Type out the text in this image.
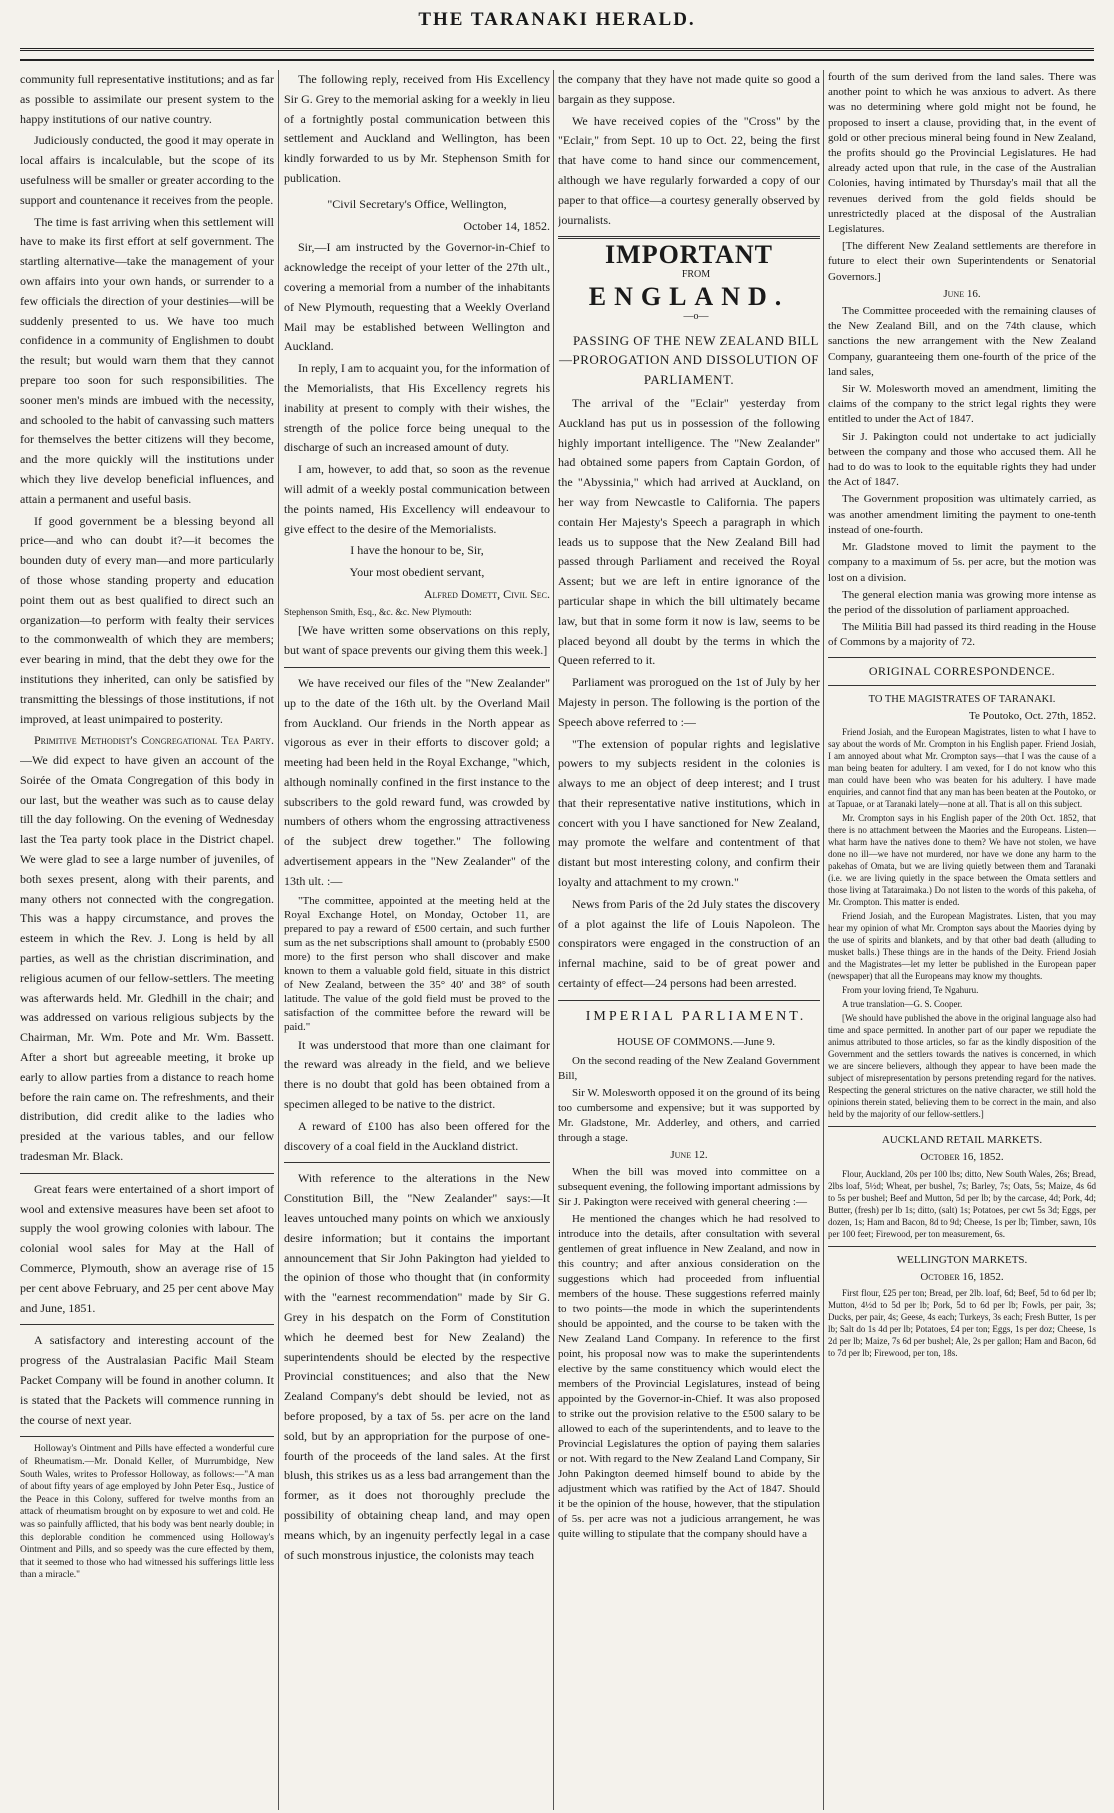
THE TARANAKI HERALD.

community full representative institutions; and as far as possible to assimilate our present system to the happy institutions of our native country.

Judiciously conducted, the good it may operate in local affairs is incalculable, but the scope of its usefulness will be smaller or greater according to the support and countenance it receives from the people.

The time is fast arriving when this settlement will have to make its first effort at self government. The startling alternative—take the management of your own affairs into your own hands, or surrender to a few officials the direction of your destinies—will be suddenly presented to us. We have too much confidence in a community of Englishmen to doubt the result; but would warn them that they cannot prepare too soon for such responsibilities. The sooner men's minds are imbued with the necessity, and schooled to the habit of canvassing such matters for themselves the better citizens will they become, and the more quickly will the institutions under which they live develop beneficial influences, and attain a permanent and useful basis.

If good government be a blessing beyond all price—and who can doubt it?—it becomes the bounden duty of every man—and more particularly of those whose standing property and education point them out as best qualified to direct such an organization—to perform with fealty their services to the commonwealth of which they are members; ever bearing in mind, that the debt they owe for the institutions they inherited, can only be satisfied by transmitting the blessings of those institutions, if not improved, at least unimpaired to posterity.

Primitive Methodist's Congregational Tea Party.—We did expect to have given an account of the Soirée of the Omata Congregation of this body in our last, but the weather was such as to cause delay till the day following. On the evening of Wednesday last the Tea party took place in the District chapel. We were glad to see a large number of juveniles, of both sexes present, along with their parents, and many others not connected with the congregation. This was a happy circumstance, and proves the esteem in which the Rev. J. Long is held by all parties, as well as the christian discrimination, and religious acumen of our fellow-settlers. The meeting was afterwards held. Mr. Gledhill in the chair; and was addressed on various religious subjects by the Chairman, Mr. Wm. Pote and Mr. Wm. Bassett. After a short but agreeable meeting, it broke up early to allow parties from a distance to reach home before the rain came on. The refreshments, and their distribution, did credit alike to the ladies who presided at the various tables, and our fellow tradesman Mr. Black.

Great fears were entertained of a short import of wool and extensive measures have been set afoot to supply the wool growing colonies with labour. The colonial wool sales for May at the Hall of Commerce, Plymouth, show an average rise of 15 per cent above February, and 25 per cent above May and June, 1851.

A satisfactory and interesting account of the progress of the Australasian Pacific Mail Steam Packet Company will be found in another column. It is stated that the Packets will commence running in the course of next year.

Holloway's Ointment and Pills have effected a wonderful cure of Rheumatism.—Mr. Donald Keller, of Murrumbidge, New South Wales, writes to Professor Holloway, as follows:—"A man of about fifty years of age employed by John Peter Esq., Justice of the Peace in this Colony, suffered for twelve months from an attack of rheumatism brought on by exposure to wet and cold. He was so painfully afflicted, that his body was bent nearly double; in this deplorable condition he commenced using Holloway's Ointment and Pills, and so speedy was the cure effected by them, that it seemed to those who had witnessed his sufferings little less than a miracle."

The following reply, received from His Excellency Sir G. Grey to the memorial asking for a weekly in lieu of a fortnightly postal communication between this settlement and Auckland and Wellington, has been kindly forwarded to us by Mr. Stephenson Smith for publication.

"Civil Secretary's Office, Wellington,

October 14, 1852.

Sir,—I am instructed by the Governor-in-Chief to acknowledge the receipt of your letter of the 27th ult., covering a memorial from a number of the inhabitants of New Plymouth, requesting that a Weekly Overland Mail may be established between Wellington and Auckland.

In reply, I am to acquaint you, for the information of the Memorialists, that His Excellency regrets his inability at present to comply with their wishes, the strength of the police force being unequal to the discharge of such an increased amount of duty.

I am, however, to add that, so soon as the revenue will admit of a weekly postal communication between the points named, His Excellency will endeavour to give effect to the desire of the Memorialists.

I have the honour to be, Sir,

Your most obedient servant,

Alfred Domett, Civil Sec.

Stephenson Smith, Esq., &c. &c. New Plymouth:

[We have written some observations on this reply, but want of space prevents our giving them this week.]

We have received our files of the "New Zealander" up to the date of the 16th ult. by the Overland Mail from Auckland. Our friends in the North appear as vigorous as ever in their efforts to discover gold; a meeting had been held in the Royal Exchange, "which, although nominally confined in the first instance to the subscribers to the gold reward fund, was crowded by numbers of others whom the engrossing attractiveness of the subject drew together." The following advertisement appears in the "New Zealander" of the 13th ult. :—

"The committee, appointed at the meeting held at the Royal Exchange Hotel, on Monday, October 11, are prepared to pay a reward of £500 certain, and such further sum as the net subscriptions shall amount to (probably £500 more) to the first person who shall discover and make known to them a valuable gold field, situate in this district of New Zealand, between the 35° 40' and 38° of south latitude. The value of the gold field must be proved to the satisfaction of the committee before the reward will be paid."

It was understood that more than one claimant for the reward was already in the field, and we believe there is no doubt that gold has been obtained from a specimen alleged to be native to the district.

A reward of £100 has also been offered for the discovery of a coal field in the Auckland district.

With reference to the alterations in the New Constitution Bill, the "New Zealander" says:—It leaves untouched many points on which we anxiously desire information; but it contains the important announcement that Sir John Pakington had yielded to the opinion of those who thought that (in conformity with the "earnest recommendation" made by Sir G. Grey in his despatch on the Form of Constitution which he deemed best for New Zealand) the superintendents should be elected by the respective Provincial constituences; and also that the New Zealand Company's debt should be levied, not as before proposed, by a tax of 5s. per acre on the land sold, but by an appropriation for the purpose of one-fourth of the proceeds of the land sales. At the first blush, this strikes us as a less bad arrangement than the former, as it does not thoroughly preclude the possibility of obtaining cheap land, and may open means which, by an ingenuity perfectly legal in a case of such monstrous injustice, the colonists may teach

the company that they have not made quite so good a bargain as they suppose.

We have received copies of the "Cross" by the "Eclair," from Sept. 10 up to Oct. 22, being the first that have come to hand since our commencement, although we have regularly forwarded a copy of our paper to that office—a courtesy generally observed by journalists.

IMPORTANT

FROM

ENGLAND.

—o—

PASSING OF THE NEW ZEALAND BILL—PROROGATION AND DISSOLUTION OF PARLIAMENT.

The arrival of the "Eclair" yesterday from Auckland has put us in possession of the following highly important intelligence. The "New Zealander" had obtained some papers from Captain Gordon, of the "Abyssinia," which had arrived at Auckland, on her way from Newcastle to California. The papers contain Her Majesty's Speech a paragraph in which leads us to suppose that the New Zealand Bill had passed through Parliament and received the Royal Assent; but we are left in entire ignorance of the particular shape in which the bill ultimately became law, but that in some form it now is law, seems to be placed beyond all doubt by the terms in which the Queen referred to it.

Parliament was prorogued on the 1st of July by her Majesty in person. The following is the portion of the Speech above referred to :—

"The extension of popular rights and legislative powers to my subjects resident in the colonies is always to me an object of deep interest; and I trust that their representative native institutions, which in concert with you I have sanctioned for New Zealand, may promote the welfare and contentment of that distant but most interesting colony, and confirm their loyalty and attachment to my crown."

News from Paris of the 2d July states the discovery of a plot against the life of Louis Napoleon. The conspirators were engaged in the construction of an infernal machine, said to be of great power and certainty of effect—24 persons had been arrested.

IMPERIAL PARLIAMENT.

HOUSE OF COMMONS.—June 9.

On the second reading of the New Zealand Government Bill,

Sir W. Molesworth opposed it on the ground of its being too cumbersome and expensive; but it was supported by Mr. Gladstone, Mr. Adderley, and others, and carried through a stage.

June 12.

When the bill was moved into committee on a subsequent evening, the following important admissions by Sir J. Pakington were received with general cheering :—

He mentioned the changes which he had resolved to introduce into the details, after consultation with several gentlemen of great influence in New Zealand, and now in this country; and after anxious consideration on the suggestions which had proceeded from influential members of the house. These suggestions referred mainly to two points—the mode in which the superintendents should be appointed, and the course to be taken with the New Zealand Land Company. In reference to the first point, his proposal now was to make the superintendents elective by the same constituency which would elect the members of the Provincial Legislatures, instead of being appointed by the Governor-in-Chief. It was also proposed to strike out the provision relative to the £500 salary to be allowed to each of the superintendents, and to leave to the Provincial Legislatures the option of paying them salaries or not. With regard to the New Zealand Land Company, Sir John Pakington deemed himself bound to abide by the adjustment which was ratified by the Act of 1847. Should it be the opinion of the house, however, that the stipulation of 5s. per acre was not a judicious arrangement, he was quite willing to stipulate that the company should have a

fourth of the sum derived from the land sales. There was another point to which he was anxious to advert. As there was no determining where gold might not be found, he proposed to insert a clause, providing that, in the event of gold or other precious mineral being found in New Zealand, the profits should go the Provincial Legislatures. He had already acted upon that rule, in the case of the Australian Colonies, having intimated by Thursday's mail that all the revenues derived from the gold fields should be unrestrictedly placed at the disposal of the Australian Legislatures.

[The different New Zealand settlements are therefore in future to elect their own Superintendents or Senatorial Governors.]

June 16.

The Committee proceeded with the remaining clauses of the New Zealand Bill, and on the 74th clause, which sanctions the new arrangement with the New Zealand Company, guaranteeing them one-fourth of the price of the land sales,

Sir W. Molesworth moved an amendment, limiting the claims of the company to the strict legal rights they were entitled to under the Act of 1847.

Sir J. Pakington could not undertake to act judicially between the company and those who accused them. All he had to do was to look to the equitable rights they had under the Act of 1847.

The Government proposition was ultimately carried, as was another amendment limiting the payment to one-tenth instead of one-fourth.

Mr. Gladstone moved to limit the payment to the company to a maximum of 5s. per acre, but the motion was lost on a division.

The general election mania was growing more intense as the period of the dissolution of parliament approached.

The Militia Bill had passed its third reading in the House of Commons by a majority of 72.

ORIGINAL CORRESPONDENCE.

TO THE MAGISTRATES OF TARANAKI.

Te Poutoko, Oct. 27th, 1852.

Friend Josiah, and the European Magistrates, listen to what I have to say about the words of Mr. Crompton in his English paper. Friend Josiah, I am annoyed about what Mr. Crompton says—that I was the cause of a man being beaten for adultery. I am vexed, for I do not know who this man could have been who was beaten for his adultery. I have made enquiries, and cannot find that any man has been beaten at the Poutoko, or at Tapuae, or at Taranaki lately—none at all. That is all on this subject.

Mr. Crompton says in his English paper of the 20th Oct. 1852, that there is no attachment between the Maories and the Europeans. Listen—what harm have the natives done to them? We have not stolen, we have done no ill—we have not murdered, nor have we done any harm to the pakehas of Omata, but we are living quietly between them and Taranaki (i.e. we are living quietly in the space between the Omata settlers and those living at Tataraimaka.) Do not listen to the words of this pakeha, of Mr. Crompton. This matter is ended.

Friend Josiah, and the European Magistrates. Listen, that you may hear my opinion of what Mr. Crompton says about the Maories dying by the use of spirits and blankets, and by that other bad death (alluding to musket balls.) These things are in the hands of the Deity. Friend Josiah and the Magistrates—let my letter be published in the European paper (newspaper) that all the Europeans may know my thoughts.

From your loving friend, Te Ngahuru.

A true translation—G. S. Cooper.

[We should have published the above in the original language also had time and space permitted. In another part of our paper we repudiate the animus attributed to those articles, so far as the kindly disposition of the Government and the settlers towards the natives is concerned, in which we are sincere believers, although they appear to have been made the subject of misrepresentation by persons pretending regard for the natives. Respecting the general strictures on the native character, we still hold the opinions therein stated, believing them to be correct in the main, and also held by the majority of our fellow-settlers.]

AUCKLAND RETAIL MARKETS.

October 16, 1852.

Flour, Auckland, 20s per 100 lbs; ditto, New South Wales, 26s; Bread, 2lbs loaf, 5½d; Wheat, per bushel, 7s; Barley, 7s; Oats, 5s; Maize, 4s 6d to 5s per bushel; Beef and Mutton, 5d per lb; by the carcase, 4d; Pork, 4d; Butter, (fresh) per lb 1s; ditto, (salt) 1s; Potatoes, per cwt 5s 3d; Eggs, per dozen, 1s; Ham and Bacon, 8d to 9d; Cheese, 1s per lb; Timber, sawn, 10s per 100 feet; Firewood, per ton measurement, 6s.

WELLINGTON MARKETS.

October 16, 1852.

First flour, £25 per ton; Bread, per 2lb. loaf, 6d; Beef, 5d to 6d per lb; Mutton, 4½d to 5d per lb; Pork, 5d to 6d per lb; Fowls, per pair, 3s; Ducks, per pair, 4s; Geese, 4s each; Turkeys, 3s each; Fresh Butter, 1s per lb; Salt do 1s 4d per lb; Potatoes, £4 per ton; Eggs, 1s per doz; Cheese, 1s 2d per lb; Maize, 7s 6d per bushel; Ale, 2s per gallon; Ham and Bacon, 6d to 7d per lb; Firewood, per ton, 18s.
